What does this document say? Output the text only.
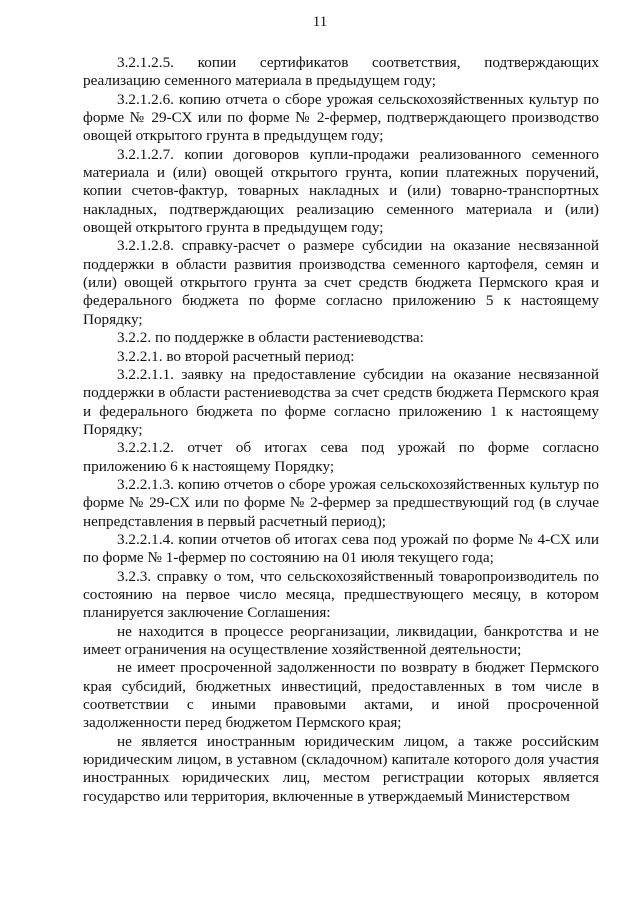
11

3.2.1.2.5. копии сертификатов соответствия, подтверждающих реализацию семенного материала в предыдущем году;

3.2.1.2.6. копию отчета о сборе урожая сельскохозяйственных культур по форме № 29-СХ или по форме № 2-фермер, подтверждающего производство овощей открытого грунта в предыдущем году;

3.2.1.2.7. копии договоров купли-продажи реализованного семенного материала и (или) овощей открытого грунта, копии платежных поручений, копии счетов-фактур, товарных накладных и (или) товарно-транспортных накладных, подтверждающих реализацию семенного материала и (или) овощей открытого грунта в предыдущем году;

3.2.1.2.8. справку-расчет о размере субсидии на оказание несвязанной поддержки в области развития производства семенного картофеля, семян и (или) овощей открытого грунта за счет средств бюджета Пермского края и федерального бюджета по форме согласно приложению 5 к настоящему Порядку;

3.2.2. по поддержке в области растениеводства:

3.2.2.1. во второй расчетный период:

3.2.2.1.1. заявку на предоставление субсидии на оказание несвязанной поддержки в области растениеводства за счет средств бюджета Пермского края и федерального бюджета по форме согласно приложению 1 к настоящему Порядку;

3.2.2.1.2. отчет об итогах сева под урожай по форме согласно приложению 6 к настоящему Порядку;

3.2.2.1.3. копию отчетов о сборе урожая сельскохозяйственных культур по форме № 29-СХ или по форме № 2-фермер за предшествующий год (в случае непредставления в первый расчетный период);

3.2.2.1.4. копии отчетов об итогах сева под урожай по форме № 4-СХ или по форме № 1-фермер по состоянию на 01 июля текущего года;

3.2.3. справку о том, что сельскохозяйственный товаропроизводитель по состоянию на первое число месяца, предшествующего месяцу, в котором планируется заключение Соглашения:

не находится в процессе реорганизации, ликвидации, банкротства и не имеет ограничения на осуществление хозяйственной деятельности;

не имеет просроченной задолженности по возврату в бюджет Пермского края субсидий, бюджетных инвестиций, предоставленных в том числе в соответствии с иными правовыми актами, и иной просроченной задолженности перед бюджетом Пермского края;

не является иностранным юридическим лицом, а также российским юридическим лицом, в уставном (складочном) капитале которого доля участия иностранных юридических лиц, местом регистрации которых является государство или территория, включенные в утверждаемый Министерством
